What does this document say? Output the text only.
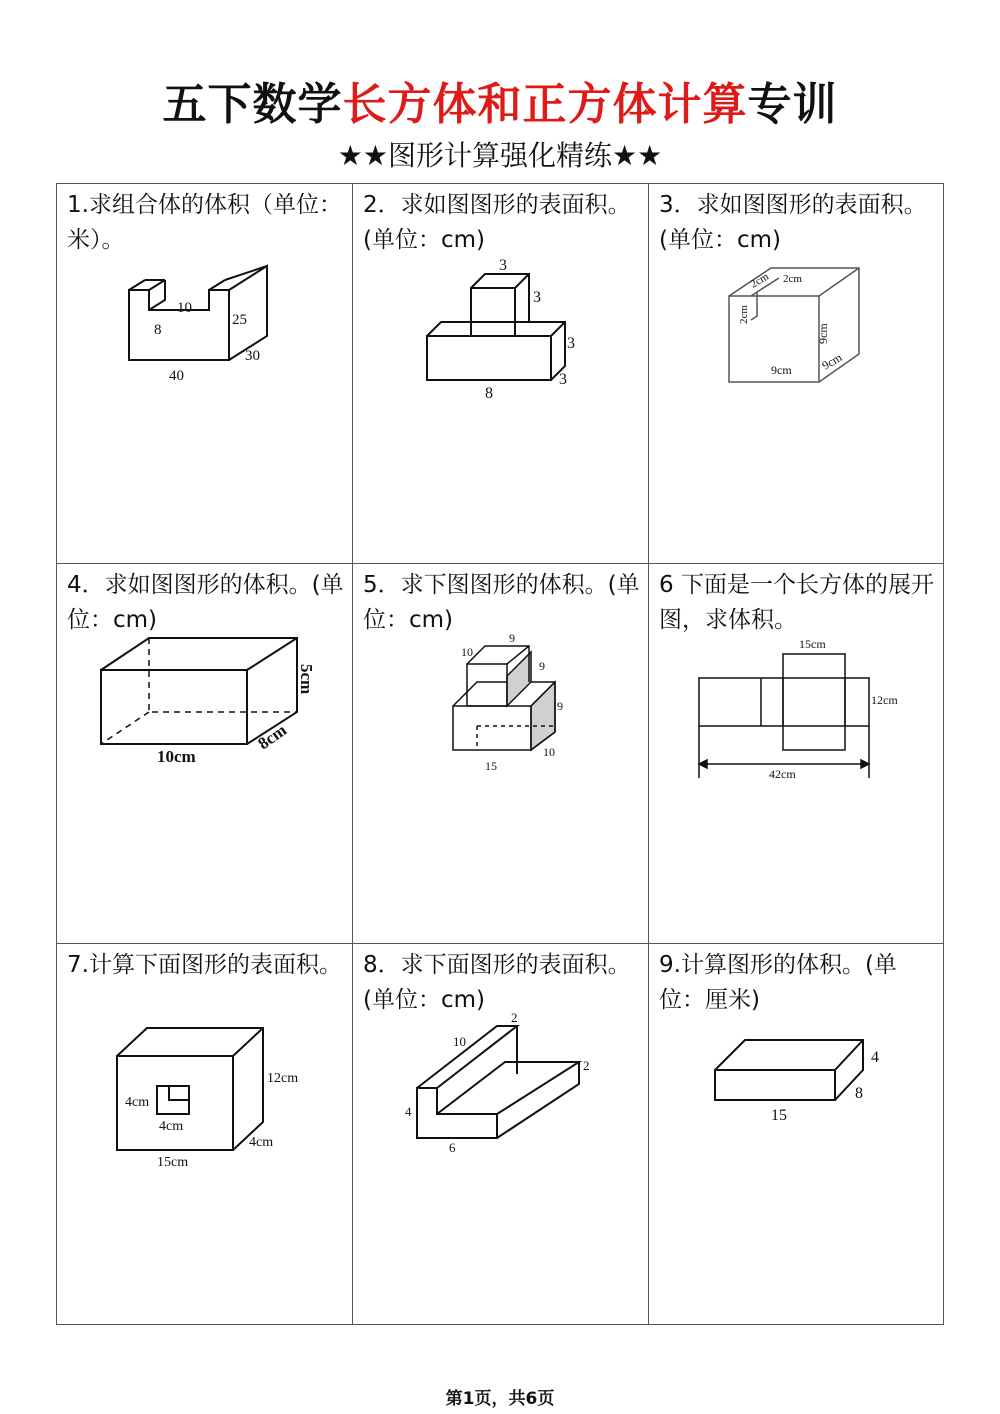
五下数学长方体和正方体计算专训
★★图形计算强化精练★★
1.求组合体的体积（单位：米）。
10
8
25
30
40
2．求如图图形的表面积。(单位：cm)
3
3
3
8
3
3．求如图图形的表面积。(单位：cm)
2cm 2cm
2cm
9cm
9cm 9cm
4．求如图图形的体积。(单位：cm)
5cm
10cm
8cm
5．求下图图形的体积。(单位：cm)
9
10
9
9
15
10
6 下面是一个长方体的展开图，求体积。
15cm
12cm
42cm
7.计算下面图形的表面积。
12cm
4cm
4cm
4cm
15cm
8．求下面图形的表面积。(单位：cm)
2
10
2
4
6
9.计算图形的体积。(单位：厘米)
4
8
15
第1页，共6页
